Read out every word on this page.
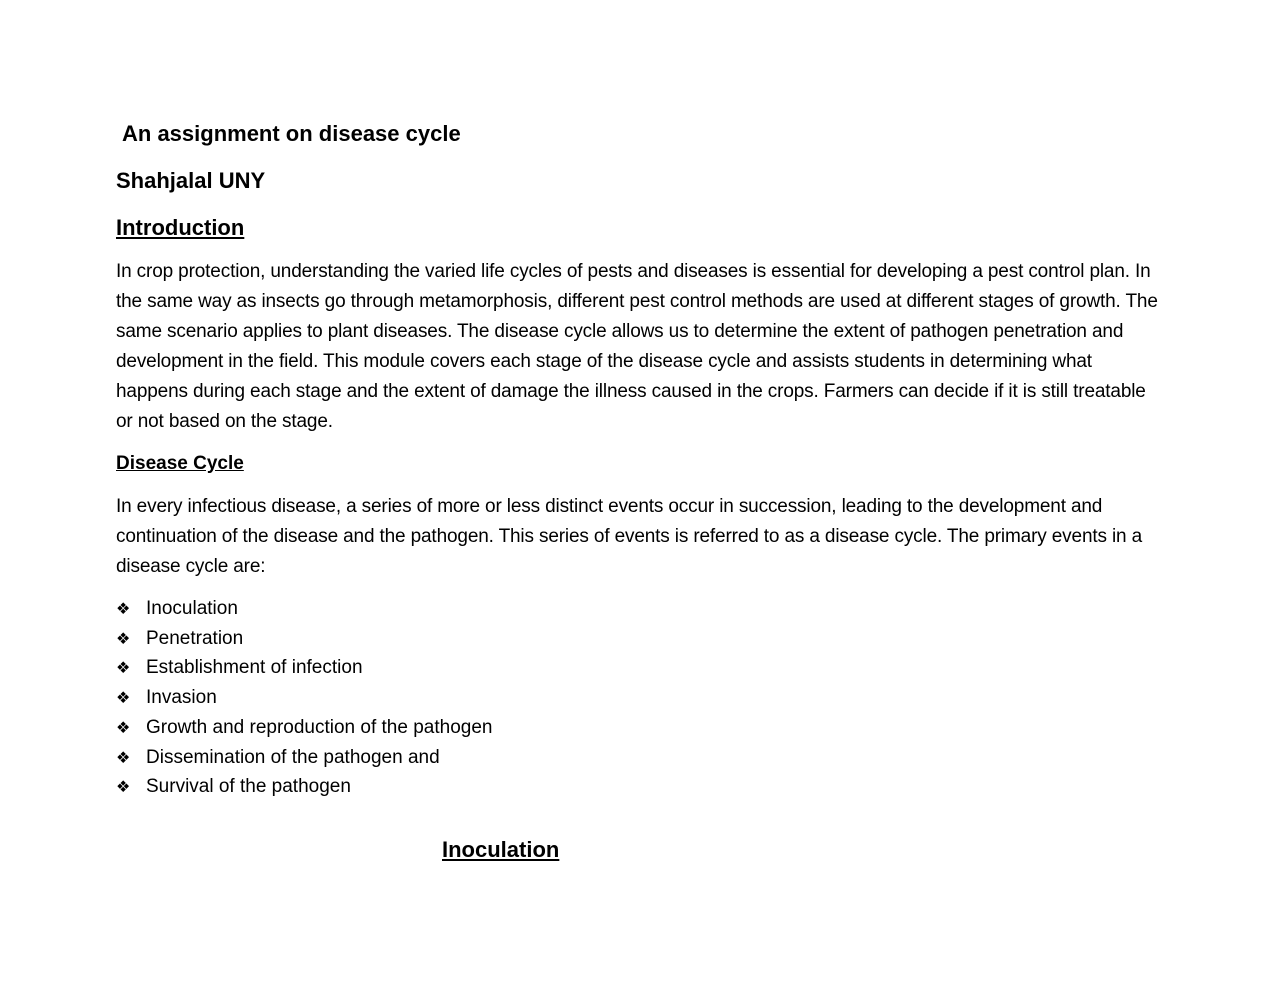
An assignment on disease cycle

Shahjalal UNY

Introduction

In crop protection, understanding the varied life cycles of pests and diseases is essential for developing a pest control plan. In the same way as insects go through metamorphosis, different pest control methods are used at different stages of growth. The same scenario applies to plant diseases. The disease cycle allows us to determine the extent of pathogen penetration and development in the field. This module covers each stage of the disease cycle and assists students in determining what happens during each stage and the extent of damage the illness caused in the crops. Farmers can decide if it is still treatable or not based on the stage.

Disease Cycle

In every infectious disease, a series of more or less distinct events occur in succession, leading to the development and continuation of the disease and the pathogen. This series of events is referred to as a disease cycle. The primary events in a disease cycle are:

❖ Inoculation
❖ Penetration
❖ Establishment of infection
❖ Invasion
❖ Growth and reproduction of the pathogen
❖ Dissemination of the pathogen and
❖ Survival of the pathogen

Inoculation
